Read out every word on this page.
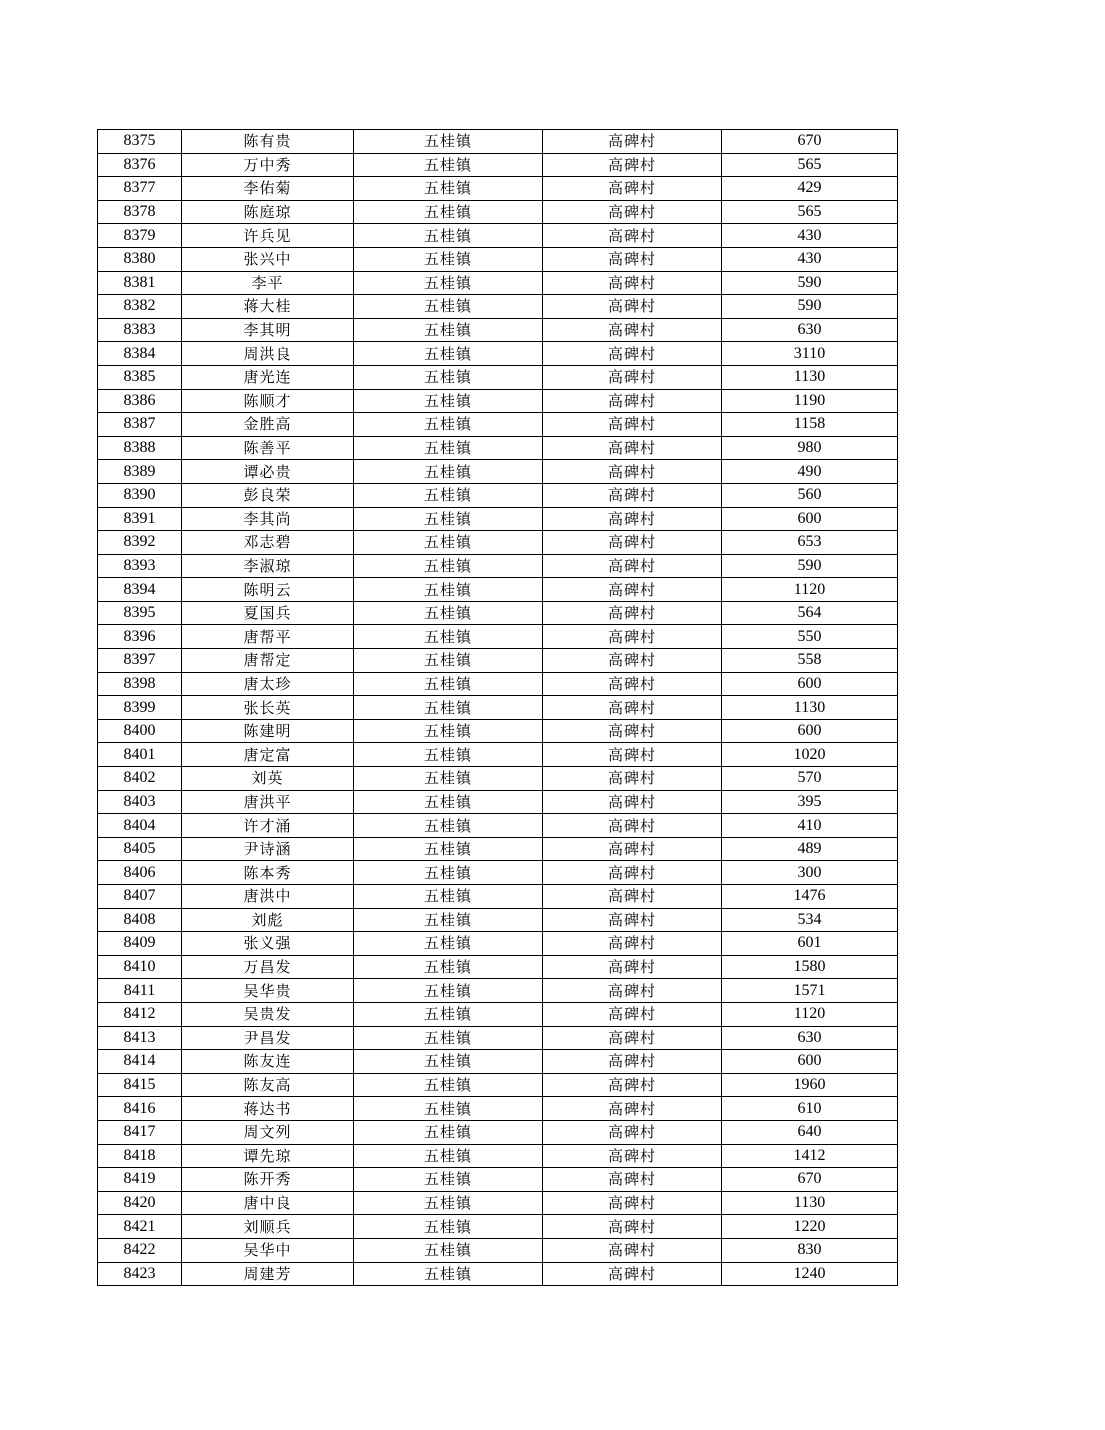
8375	陈有贵	五桂镇	高碑村	670
8376	万中秀	五桂镇	高碑村	565
8377	李佑菊	五桂镇	高碑村	429
8378	陈庭琼	五桂镇	高碑村	565
8379	许兵见	五桂镇	高碑村	430
8380	张兴中	五桂镇	高碑村	430
8381	李平	五桂镇	高碑村	590
8382	蒋大桂	五桂镇	高碑村	590
8383	李其明	五桂镇	高碑村	630
8384	周洪良	五桂镇	高碑村	3110
8385	唐光连	五桂镇	高碑村	1130
8386	陈顺才	五桂镇	高碑村	1190
8387	金胜高	五桂镇	高碑村	1158
8388	陈善平	五桂镇	高碑村	980
8389	谭必贵	五桂镇	高碑村	490
8390	彭良荣	五桂镇	高碑村	560
8391	李其尚	五桂镇	高碑村	600
8392	邓志碧	五桂镇	高碑村	653
8393	李淑琼	五桂镇	高碑村	590
8394	陈明云	五桂镇	高碑村	1120
8395	夏国兵	五桂镇	高碑村	564
8396	唐帮平	五桂镇	高碑村	550
8397	唐帮定	五桂镇	高碑村	558
8398	唐太珍	五桂镇	高碑村	600
8399	张长英	五桂镇	高碑村	1130
8400	陈建明	五桂镇	高碑村	600
8401	唐定富	五桂镇	高碑村	1020
8402	刘英	五桂镇	高碑村	570
8403	唐洪平	五桂镇	高碑村	395
8404	许才涌	五桂镇	高碑村	410
8405	尹诗涵	五桂镇	高碑村	489
8406	陈本秀	五桂镇	高碑村	300
8407	唐洪中	五桂镇	高碑村	1476
8408	刘彪	五桂镇	高碑村	534
8409	张义强	五桂镇	高碑村	601
8410	万昌发	五桂镇	高碑村	1580
8411	吴华贵	五桂镇	高碑村	1571
8412	吴贵发	五桂镇	高碑村	1120
8413	尹昌发	五桂镇	高碑村	630
8414	陈友连	五桂镇	高碑村	600
8415	陈友高	五桂镇	高碑村	1960
8416	蒋达书	五桂镇	高碑村	610
8417	周文列	五桂镇	高碑村	640
8418	谭先琼	五桂镇	高碑村	1412
8419	陈开秀	五桂镇	高碑村	670
8420	唐中良	五桂镇	高碑村	1130
8421	刘顺兵	五桂镇	高碑村	1220
8422	吴华中	五桂镇	高碑村	830
8423	周建芳	五桂镇	高碑村	1240
